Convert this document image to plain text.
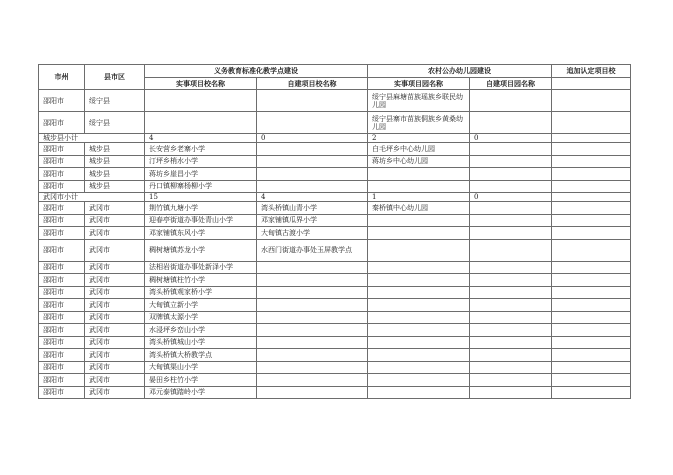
市州	县市区	义务教育标准化教学点建设		农村公办幼儿园建设		追加认定项目校
		实事项目校名称	自建项目校名称	实事项目园名称	自建项目园名称	
邵阳市	绥宁县			绥宁县麻塘苗族瑶族乡联民幼儿园		
邵阳市	绥宁县			绥宁县寨市苗族侗族乡黄桑幼儿园		
城步县小计		4	0	2	0	
邵阳市	城步县	长安营乡老寨小学		白毛坪乡中心幼儿园		
邵阳市	城步县	汀坪乡梢水小学		蒋坊乡中心幼儿园		
邵阳市	城步县	蒋坊乡崖昌小学				
邵阳市	城步县	丹口镇柳寨杨柳小学				
武冈市小计		15	4	1	0	
邵阳市	武冈市	荆竹镇九塘小学	湾头桥镇山青小学	秦桥镇中心幼儿园		
邵阳市	武冈市	迎春亭街道办事处青山小学	邓家铺镇瓜界小学			
邵阳市	武冈市	邓家铺镇东风小学	大甸镇古渡小学			
邵阳市	武冈市	稠树塘镇苏龙小学	水西门街道办事处玉屏教学点			
邵阳市	武冈市	法相岩街道办事处新泽小学				
邵阳市	武冈市	稠树塘镇柱竹小学				
邵阳市	武冈市	湾头桥镇观家桥小学				
邵阳市	武冈市	大甸镇立新小学				
邵阳市	武冈市	双牌镇太源小学				
邵阳市	武冈市	水浸坪乡峦山小学				
邵阳市	武冈市	湾头桥镇城山小学				
邵阳市	武冈市	湾头桥镇大桥教学点				
邵阳市	武冈市	大甸镇渠山小学				
邵阳市	武冈市	晏田乡柱竹小学				
邵阳市	武冈市	邓元泰镇踏岭小学				
